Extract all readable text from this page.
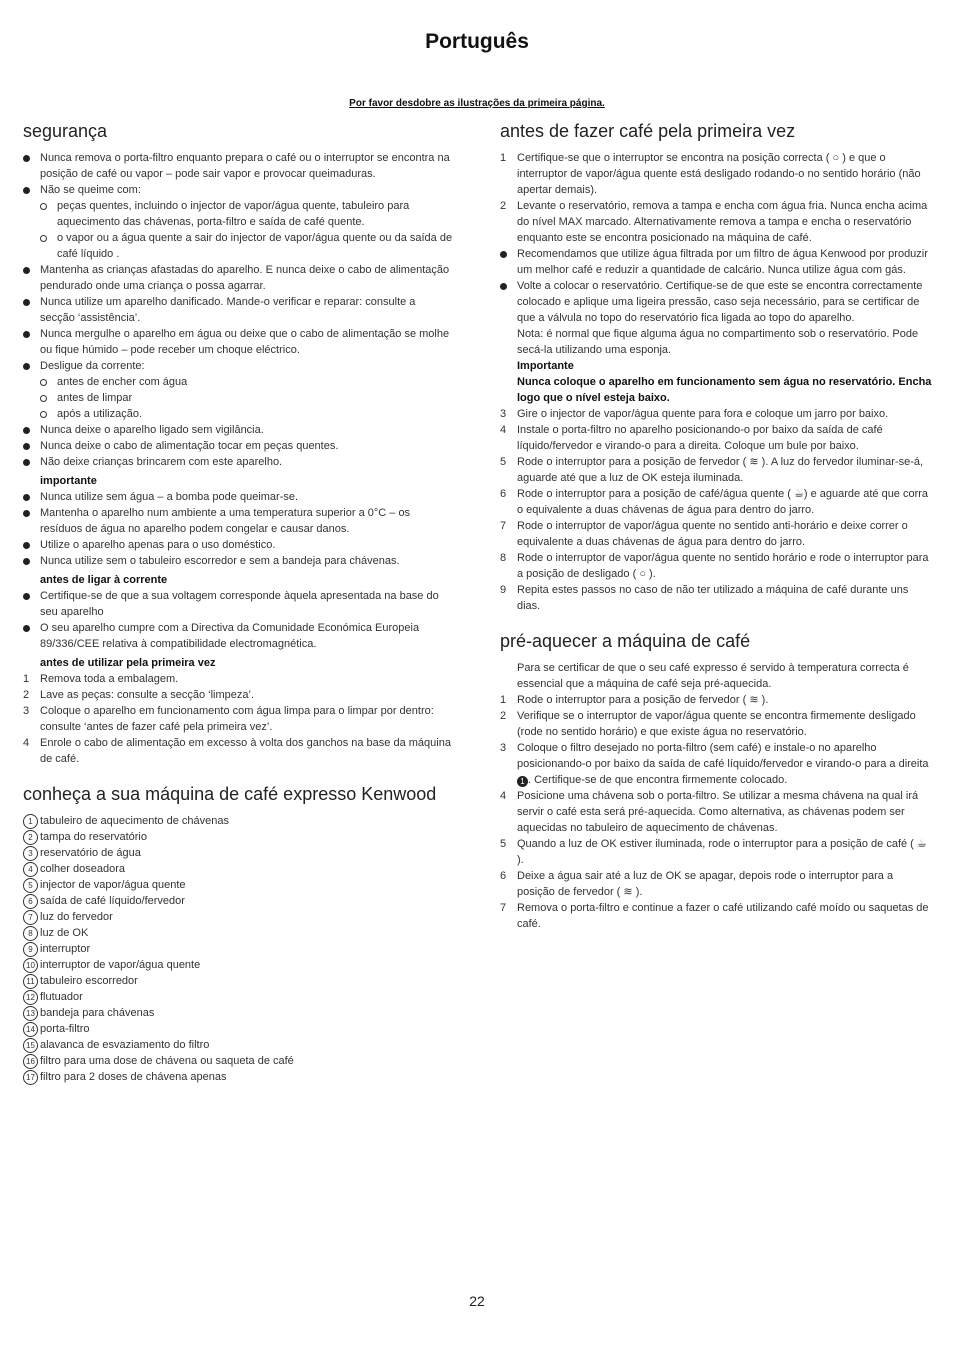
Português
Por favor desdobre as ilustrações da primeira página.
segurança
Nunca remova o porta-filtro enquanto prepara o café ou o interruptor se encontra na posição de café ou vapor – pode sair vapor e provocar queimaduras.
Não se queime com:
peças quentes, incluindo o injector de vapor/água quente, tabuleiro para aquecimento das chávenas, porta-filtro e saída de café quente.
o vapor ou a água quente a sair do injector de vapor/água quente ou da saída de café líquido .
Mantenha as crianças afastadas do aparelho. E nunca deixe o cabo de alimentação pendurado onde uma criança o possa agarrar.
Nunca utilize um aparelho danificado. Mande-o verificar e reparar: consulte a secção ‘assistência’.
Nunca mergulhe o aparelho em água ou deixe que o cabo de alimentação se molhe ou fique húmido – pode receber um choque eléctrico.
Desligue da corrente:
antes de encher com água
antes de limpar
após a utilização.
Nunca deixe o aparelho ligado sem vigilância.
Nunca deixe o cabo de alimentação tocar em peças quentes.
Não deixe crianças brincarem com este aparelho.
importante
Nunca utilize sem água – a bomba pode queimar-se.
Mantenha o aparelho num ambiente a uma temperatura superior a 0°C – os resíduos de água no aparelho podem congelar e causar danos.
Utilize o aparelho apenas para o uso doméstico.
Nunca utilize sem o tabuleiro escorredor e sem a bandeja para chávenas.
antes de ligar à corrente
Certifique-se de que a sua voltagem corresponde àquela apresentada na base do seu aparelho
O seu aparelho cumpre com a Directiva da Comunidade Económica Europeia 89/336/CEE relativa à compatibilidade electromagnética.
antes de utilizar pela primeira vez
1 Remova toda a embalagem.
2 Lave as peças: consulte a secção ‘limpeza’.
3 Coloque o aparelho em funcionamento com água limpa para o limpar por dentro: consulte ‘antes de fazer café pela primeira vez’.
4 Enrole o cabo de alimentação em excesso à volta dos ganchos na base da máquina de café.
conheça a sua máquina de café expresso Kenwood
1 tabuleiro de aquecimento de chávenas
2 tampa do reservatório
3 reservatório de água
4 colher doseadora
5 injector de vapor/água quente
6 saída de café líquido/fervedor
7 luz do fervedor
8 luz de OK
9 interruptor
10 interruptor de vapor/água quente
11 tabuleiro escorredor
12 flutuador
13 bandeja para chávenas
14 porta-filtro
15 alavanca de esvaziamento do filtro
16 filtro para uma dose de chávena ou saqueta de café
17 filtro para 2 doses de chávena apenas
antes de fazer café pela primeira vez
1 Certifique-se que o interruptor se encontra na posição correcta ( ○ ) e que o interruptor de vapor/água quente está desligado rodando-o no sentido horário (não apertar demais).
2 Levante o reservatório, remova a tampa e encha com água fria. Nunca encha acima do nível MAX marcado. Alternativamente remova a tampa e encha o reservatório enquanto este se encontra posicionado na máquina de café.
Recomendamos que utilize água filtrada por um filtro de água Kenwood por produzir um melhor café e reduzir a quantidade de calcário. Nunca utilize água com gás.
Volte a colocar o reservatório. Certifique-se de que este se encontra correctamente colocado e aplique uma ligeira pressão, caso seja necessário, para se certificar de que a válvula no topo do reservatório fica ligada ao topo do aparelho.
Nota: é normal que fique alguma água no compartimento sob o reservatório. Pode secá-la utilizando uma esponja.
Importante
Nunca coloque o aparelho em funcionamento sem água no reservatório. Encha logo que o nível esteja baixo.
3 Gire o injector de vapor/água quente para fora e coloque um jarro por baixo.
4 Instale o porta-filtro no aparelho posicionando-o por baixo da saída de café líquido/fervedor e virando-o para a direita. Coloque um bule por baixo.
5 Rode o interruptor para a posição de fervedor ( ≋ ). A luz do fervedor iluminar-se-á, aguarde até que a luz de OK esteja iluminada.
6 Rode o interruptor para a posição de café/água quente ( ☕) e aguarde até que corra o equivalente a duas chávenas de água para dentro do jarro.
7 Rode o interruptor de vapor/água quente no sentido anti-horário e deixe correr o equivalente a duas chávenas de água para dentro do jarro.
8 Rode o interruptor de vapor/água quente no sentido horário e rode o interruptor para a posição de desligado ( ○ ).
9 Repita estes passos no caso de não ter utilizado a máquina de café durante uns dias.
pré-aquecer a máquina de café
Para se certificar de que o seu café expresso é servido à temperatura correcta é essencial que a máquina de café seja pré-aquecida.
1 Rode o interruptor para a posição de fervedor ( ≋ ).
2 Verifique se o interruptor de vapor/água quente se encontra firmemente desligado (rode no sentido horário) e que existe água no reservatório.
3 Coloque o filtro desejado no porta-filtro (sem café) e instale-o no aparelho posicionando-o por baixo da saída de café líquido/fervedor e virando-o para a direita 1 . Certifique-se de que encontra firmemente colocado.
4 Posicione uma chávena sob o porta-filtro. Se utilizar a mesma chávena na qual irá servir o café esta será pré-aquecida. Como alternativa, as chávenas podem ser aquecidas no tabuleiro de aquecimento de chávenas.
5 Quando a luz de OK estiver iluminada, rode o interruptor para a posição de café ( ☕).
6 Deixe a água sair até a luz de OK se apagar, depois rode o interruptor para a posição de fervedor ( ≋ ).
7 Remova o porta-filtro e continue a fazer o café utilizando café moído ou saquetas de café.
22
